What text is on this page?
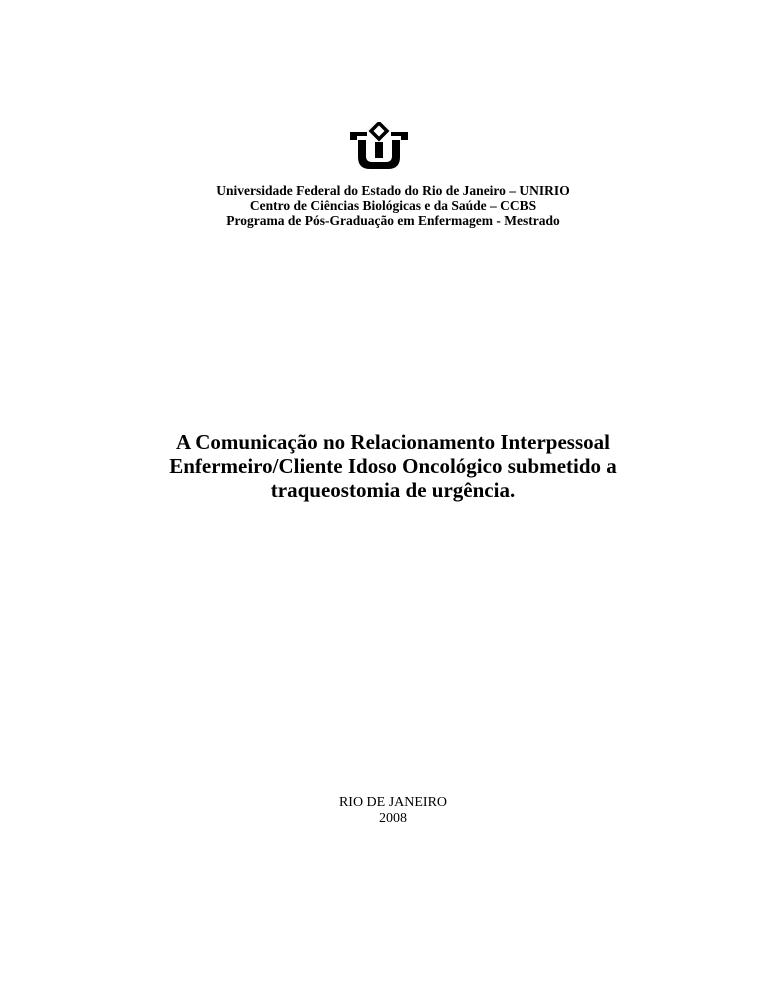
Universidade Federal do Estado do Rio de Janeiro – UNIRIO
Centro de Ciências Biológicas e da Saúde – CCBS
Programa de Pós-Graduação em Enfermagem - Mestrado
A Comunicação no Relacionamento Interpessoal
Enfermeiro/Cliente Idoso Oncológico submetido a
traqueostomia de urgência.
RIO DE JANEIRO
2008
